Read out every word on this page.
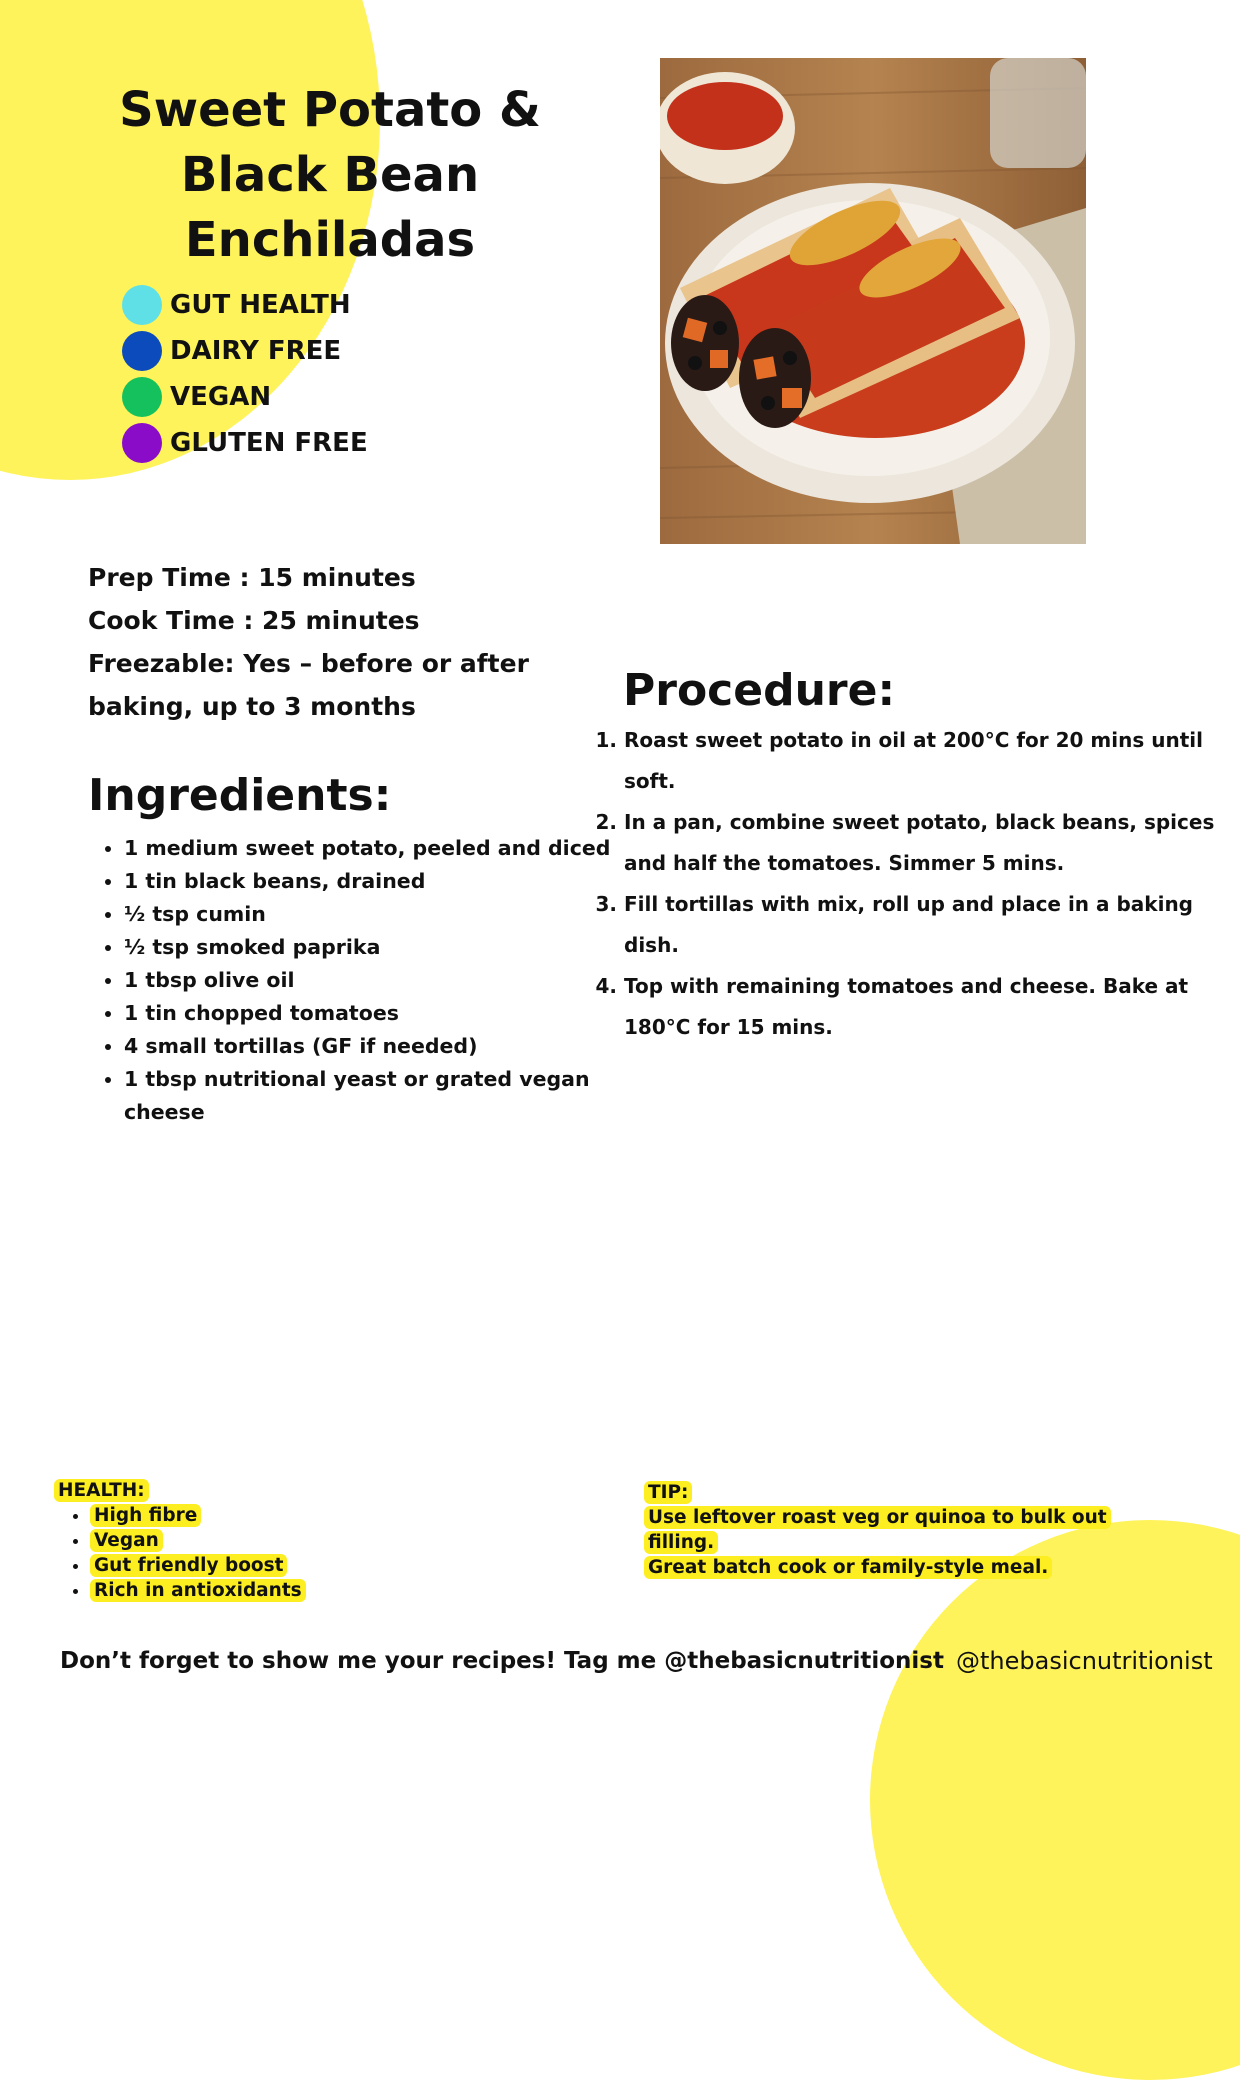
Sweet Potato & Black Bean Enchiladas
GUT HEALTH
DAIRY FREE
VEGAN
GLUTEN FREE
Prep Time : 15 minutes
Cook Time : 25 minutes
Freezable: Yes – before or after baking, up to 3 months
Ingredients:
• 1 medium sweet potato, peeled and diced
• 1 tin black beans, drained
• ½ tsp cumin
• ½ tsp smoked paprika
• 1 tbsp olive oil
• 1 tin chopped tomatoes
• 4 small tortillas (GF if needed)
• 1 tbsp nutritional yeast or grated vegan cheese
Procedure:
1. Roast sweet potato in oil at 200°C for 20 mins until soft.
2. In a pan, combine sweet potato, black beans, spices and half the tomatoes. Simmer 5 mins.
3. Fill tortillas with mix, roll up and place in a baking dish.
4. Top with remaining tomatoes and cheese. Bake at 180°C for 15 mins.
HEALTH:
• High fibre
• Vegan
• Gut friendly boost
• Rich in antioxidants
TIP:
Use leftover roast veg or quinoa to bulk out filling.
Great batch cook or family-style meal.
Don’t forget to show me your recipes! Tag me @thebasicnutritionist @thebasicnutritionist
